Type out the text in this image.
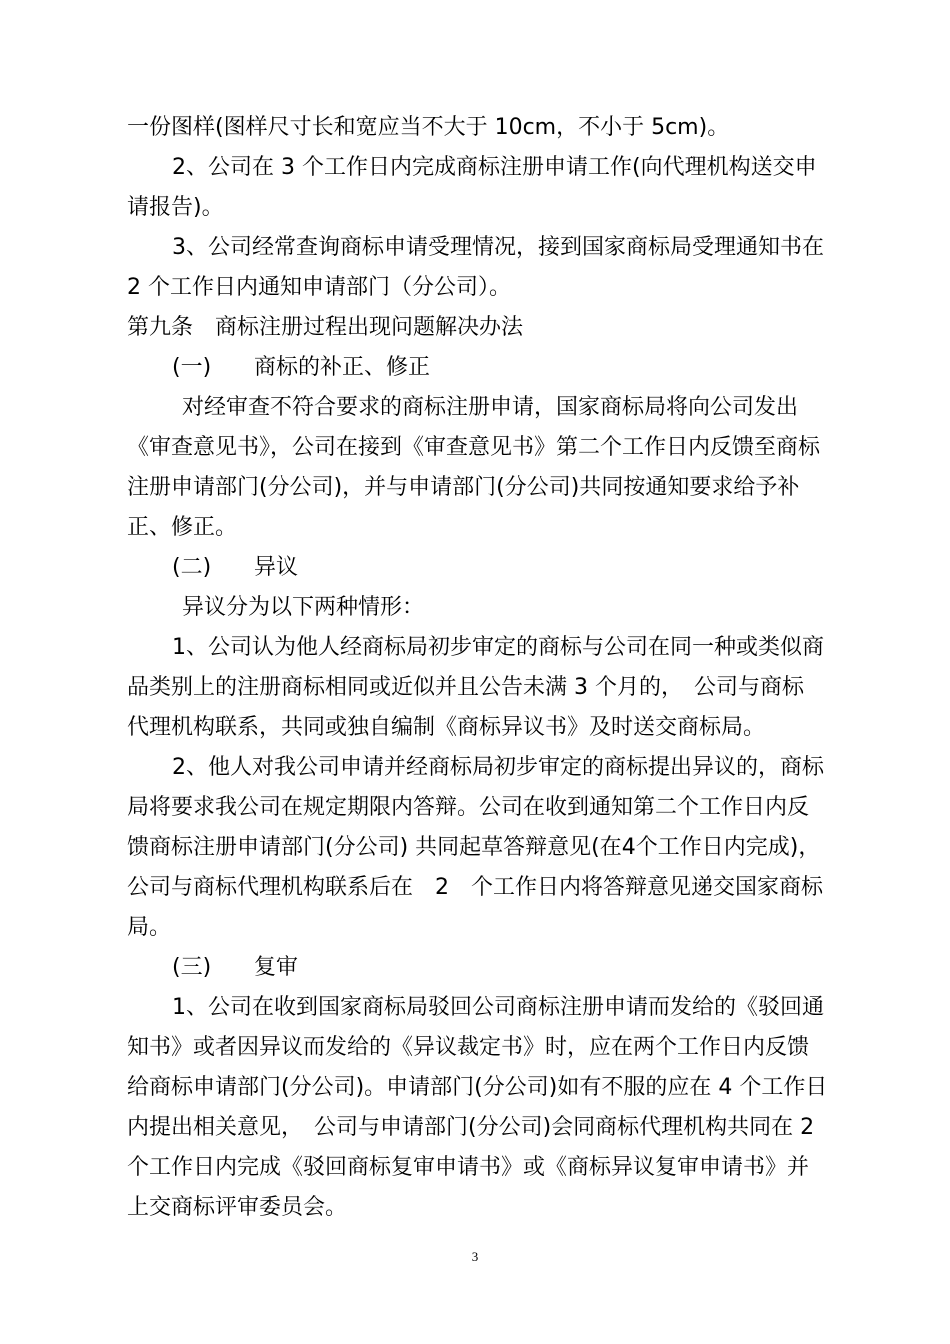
一份图样(图样尺寸长和宽应当不大于 10cm，不小于 5cm)。
2、公司在 3 个工作日内完成商标注册申请工作(向代理机构送交申
请报告)。
3、公司经常查询商标申请受理情况，接到国家商标局受理通知书在
2 个工作日内通知申请部门（分公司）。
第九条　商标注册过程出现问题解决办法
(一) 商标的补正、修正
对经审查不符合要求的商标注册申请，国家商标局将向公司发出
《审查意见书》，公司在接到《审查意见书》第二个工作日内反馈至商标
注册申请部门(分公司)，并与申请部门(分公司)共同按通知要求给予补
正、修正。
(二) 异议
异议分为以下两种情形：
1、公司认为他人经商标局初步审定的商标与公司在同一种或类似商
品类别上的注册商标相同或近似并且公告未满 3 个月的，　公司与商标
代理机构联系，共同或独自编制《商标异议书》及时送交商标局。
2、他人对我公司申请并经商标局初步审定的商标提出异议的，商标
局将要求我公司在规定期限内答辩。公司在收到通知第二个工作日内反
馈商标注册申请部门(分公司) 共同起草答辩意见(在4个工作日内完成)，
公司与商标代理机构联系后在　2　个工作日内将答辩意见递交国家商标
局。
(三) 复审
1、公司在收到国家商标局驳回公司商标注册申请而发给的《驳回通
知书》或者因异议而发给的《异议裁定书》时，应在两个工作日内反馈
给商标申请部门(分公司)。申请部门(分公司)如有不服的应在 4 个工作日
内提出相关意见，　公司与申请部门(分公司)会同商标代理机构共同在 2
个工作日内完成《驳回商标复审申请书》或《商标异议复审申请书》并
上交商标评审委员会。
3
